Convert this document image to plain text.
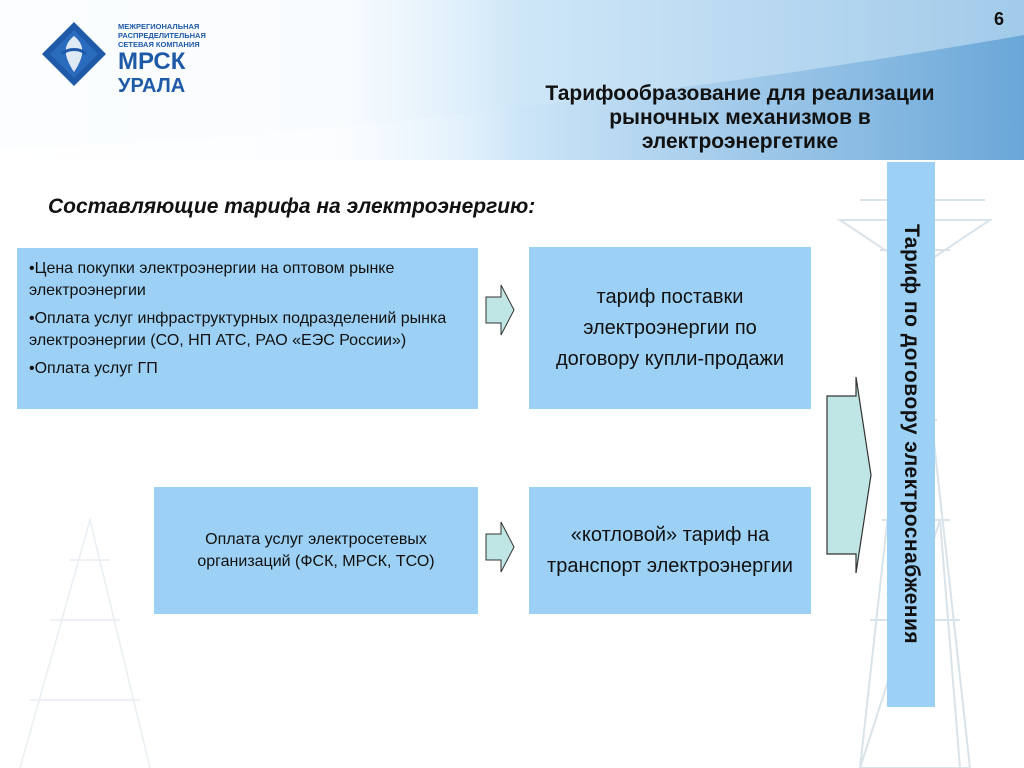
6
МЕЖРЕГИОНАЛЬНАЯ
РАСПРЕДЕЛИТЕЛЬНАЯ
СЕТЕВАЯ КОМПАНИЯ
МРСК
УРАЛА	Тарифообразование для реализации
рыночных механизмов в
электроэнергетике
Составляющие тарифа на электроэнергию:

•Цена покупки электроэнергии на оптовом рынке электроэнергии

•Оплата услуг инфраструктурных подразделений рынка электроэнергии (СО, НП АТС, РАО «ЕЭС России»)

•Оплата услуг ГП

тариф поставки электроэнергии по договору купли-продажи
Оплата услуг электросетевых организаций (ФСК, МРСК, ТСО)
«котловой» тариф на транспорт электроэнергии	Тариф по договору электроснабжения
